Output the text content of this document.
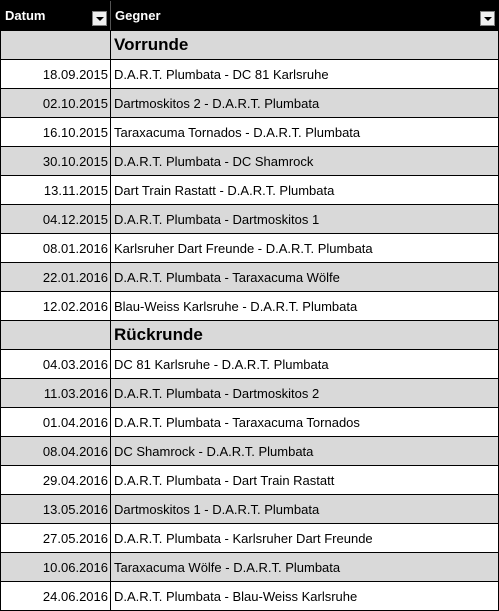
Datum	Gegner
Vorrunde
18.09.2015 D.A.R.T. Plumbata - DC 81 Karlsruhe
02.10.2015 Dartmoskitos 2 - D.A.R.T. Plumbata
16.10.2015 Taraxacuma Tornados - D.A.R.T. Plumbata
30.10.2015 D.A.R.T. Plumbata - DC Shamrock
13.11.2015 Dart Train Rastatt - D.A.R.T. Plumbata
04.12.2015 D.A.R.T. Plumbata - Dartmoskitos 1
08.01.2016 Karlsruher Dart Freunde - D.A.R.T. Plumbata
22.01.2016 D.A.R.T. Plumbata - Taraxacuma Wölfe
12.02.2016 Blau-Weiss Karlsruhe - D.A.R.T. Plumbata
Rückrunde
04.03.2016 DC 81 Karlsruhe - D.A.R.T. Plumbata
11.03.2016 D.A.R.T. Plumbata - Dartmoskitos 2
01.04.2016 D.A.R.T. Plumbata - Taraxacuma Tornados
08.04.2016 DC Shamrock - D.A.R.T. Plumbata
29.04.2016 D.A.R.T. Plumbata - Dart Train Rastatt
13.05.2016 Dartmoskitos 1 - D.A.R.T. Plumbata
27.05.2016 D.A.R.T. Plumbata - Karlsruher Dart Freunde
10.06.2016 Taraxacuma Wölfe - D.A.R.T. Plumbata
24.06.2016 D.A.R.T. Plumbata - Blau-Weiss Karlsruhe
